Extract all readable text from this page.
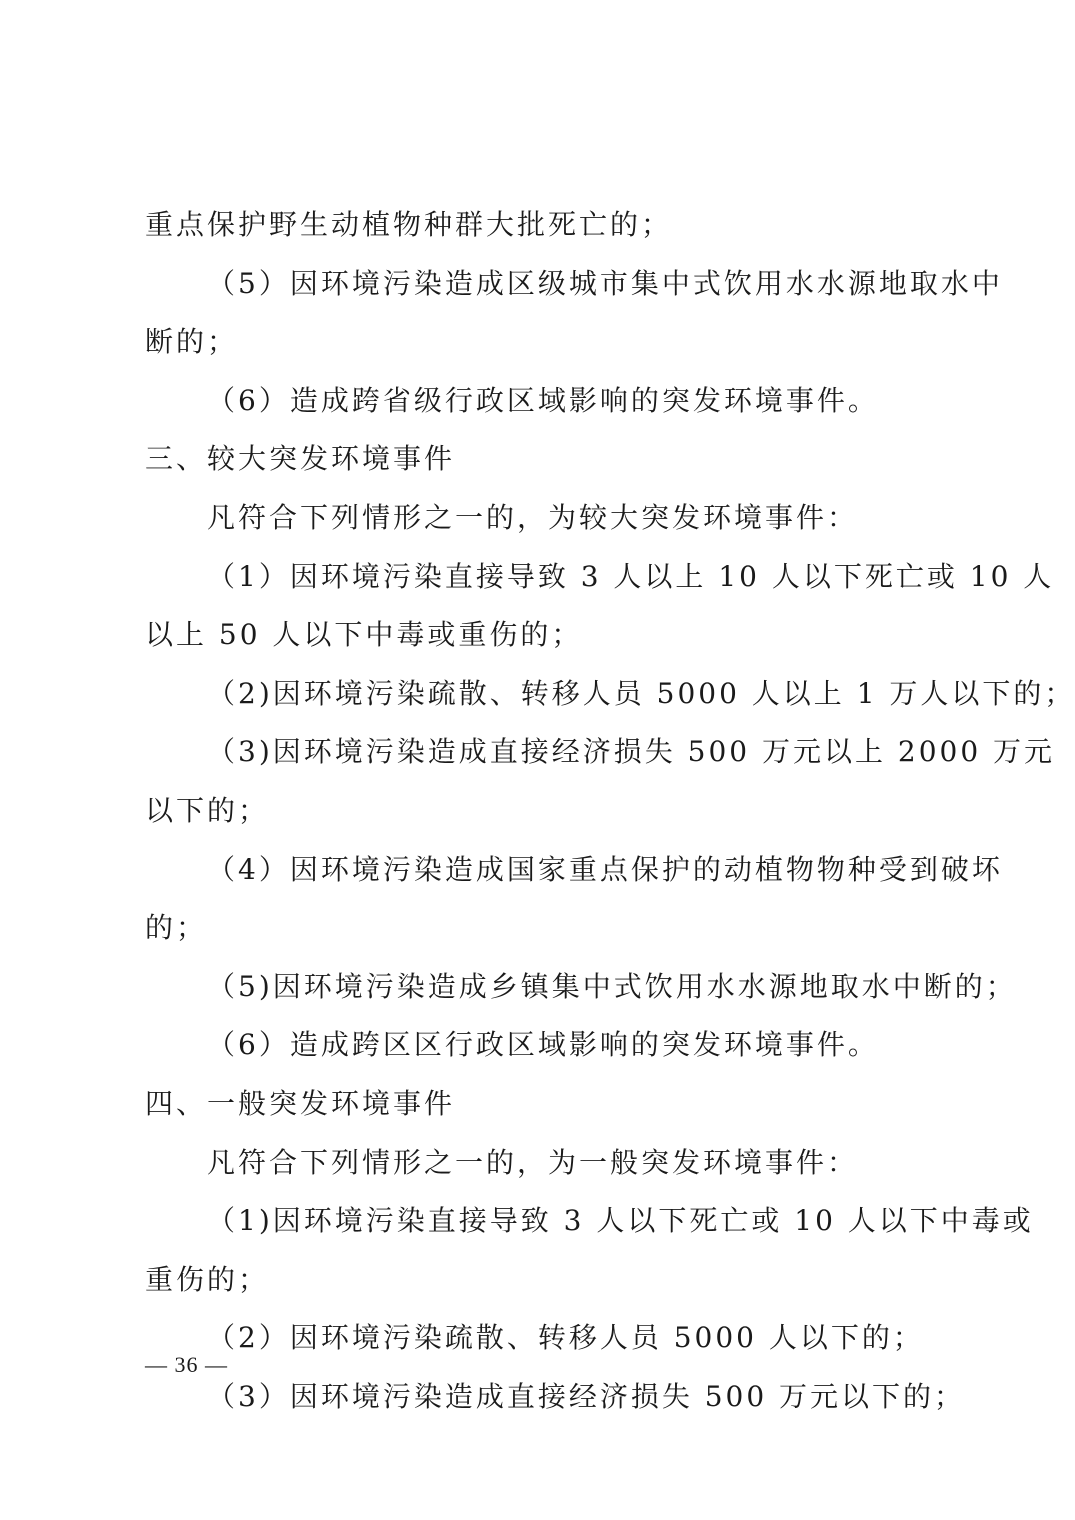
重点保护野生动植物种群大批死亡的；
（5）因环境污染造成区级城市集中式饮用水水源地取水中
断的；
（6）造成跨省级行政区域影响的突发环境事件。
三、较大突发环境事件
凡符合下列情形之一的，为较大突发环境事件：
（1）因环境污染直接导致 3 人以上 10 人以下死亡或 10 人
以上 50 人以下中毒或重伤的；
（2)因环境污染疏散、转移人员 5000 人以上 1 万人以下的；
（3)因环境污染造成直接经济损失 500 万元以上 2000 万元
以下的；
（4）因环境污染造成国家重点保护的动植物物种受到破坏
的；
（5)因环境污染造成乡镇集中式饮用水水源地取水中断的；
（6）造成跨区区行政区域影响的突发环境事件。
四、一般突发环境事件
凡符合下列情形之一的，为一般突发环境事件：
（1)因环境污染直接导致 3 人以下死亡或 10 人以下中毒或
重伤的；
（2）因环境污染疏散、转移人员 5000 人以下的；
（3）因环境污染造成直接经济损失 500 万元以下的；
— 36 —
